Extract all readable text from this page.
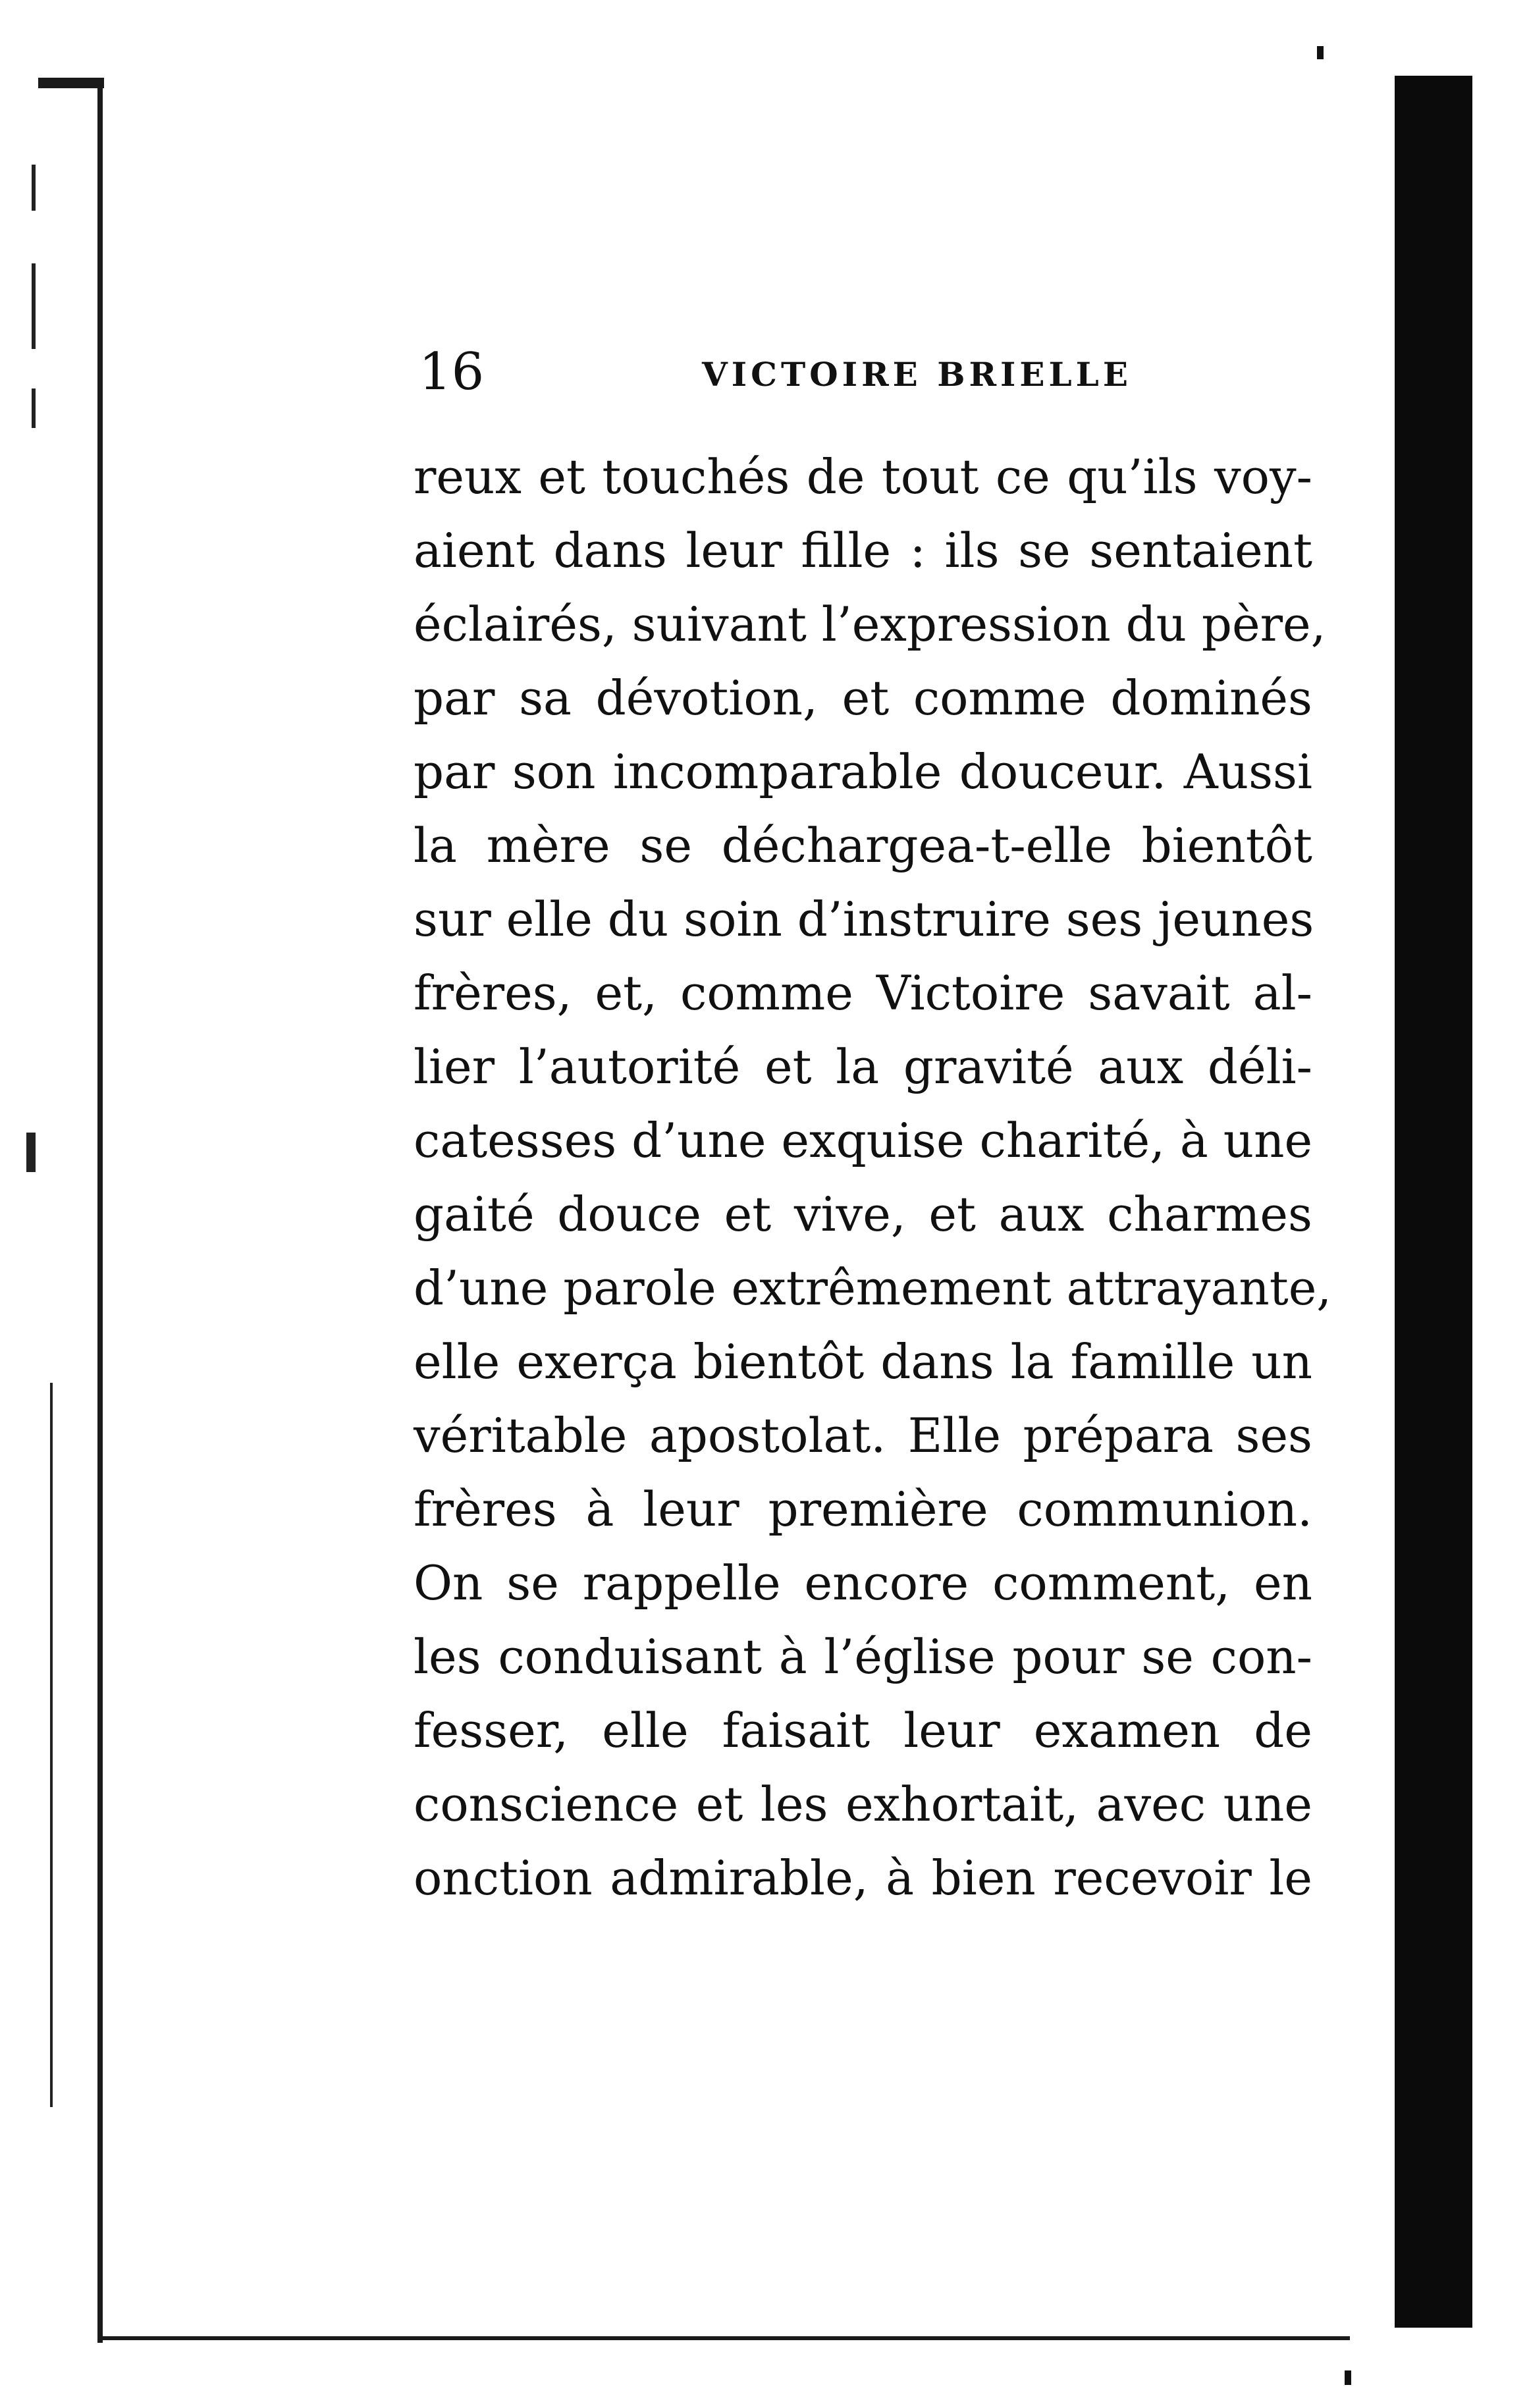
16	VICTOIRE BRIELLE
reux et touchés de tout ce qu’ils voy-
aient dans leur fille : ils se sentaient
éclairés, suivant l’expression du père,
par sa dévotion, et comme dominés
par son incomparable douceur. Aussi
la mère se déchargea-t-elle bientôt
sur elle du soin d’instruire ses jeunes
frères, et, comme Victoire savait al-
lier l’autorité et la gravité aux déli-
catesses d’une exquise charité, à une
gaité douce et vive, et aux charmes
d’une parole extrêmement attrayante,
elle exerça bientôt dans la famille un
véritable apostolat. Elle prépara ses
frères à leur première communion.
On se rappelle encore comment, en
les conduisant à l’église pour se con-
fesser, elle faisait leur examen de
conscience et les exhortait, avec une
onction admirable, à bien recevoir le
